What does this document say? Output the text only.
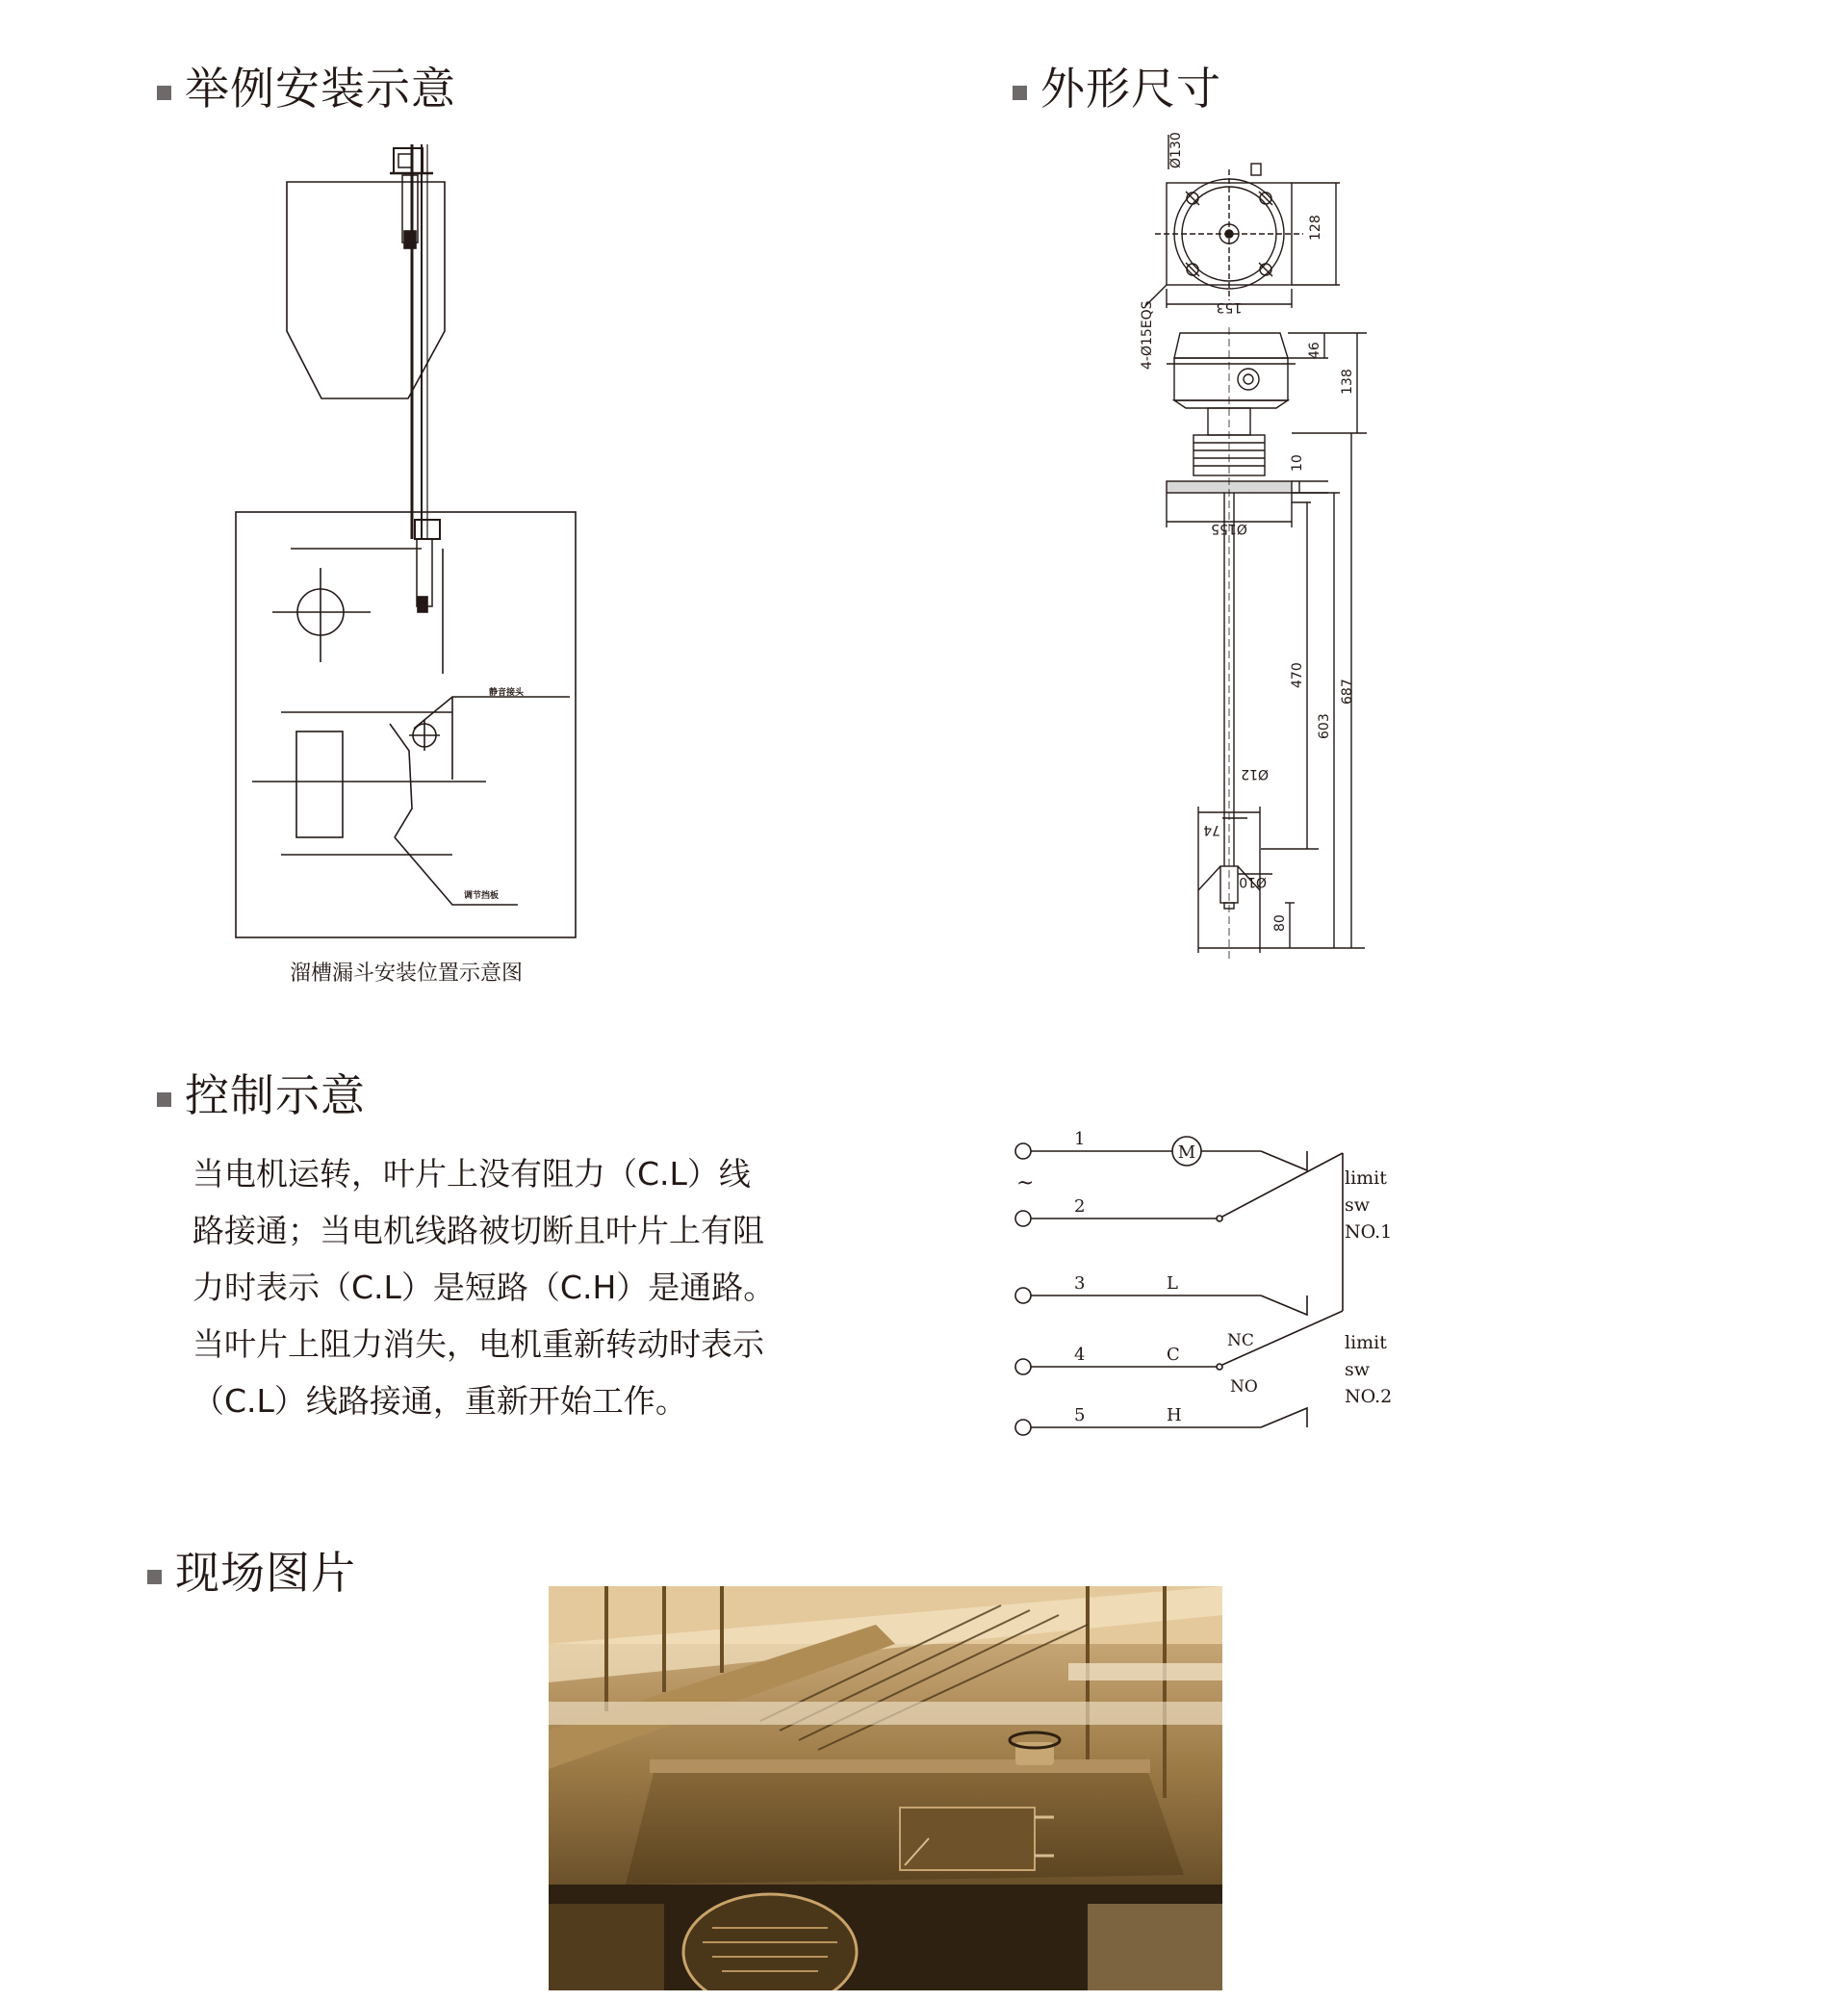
举例安装示意	外形尺寸
控制示意
现场图片
静音接头
调节挡板
溜槽漏斗安装位置示意图
Ø130
128
153
4-Ø15EQS
Ø12
74
Ø10
Ø155
46
138
10
470
603
687
80

当电机运转，叶片上没有阻力（C.L）线

路接通；当电机线路被切断且叶片上有阻

力时表示（C.L）是短路（C.H）是通路。

当叶片上阻力消失，电机重新转动时表示

（C.L）线路接通，重新开始工作。

1
2
3
4
5
M
~
L
C
H
NC
NO
limit
sw
NO.1
limit
sw
NO.2
